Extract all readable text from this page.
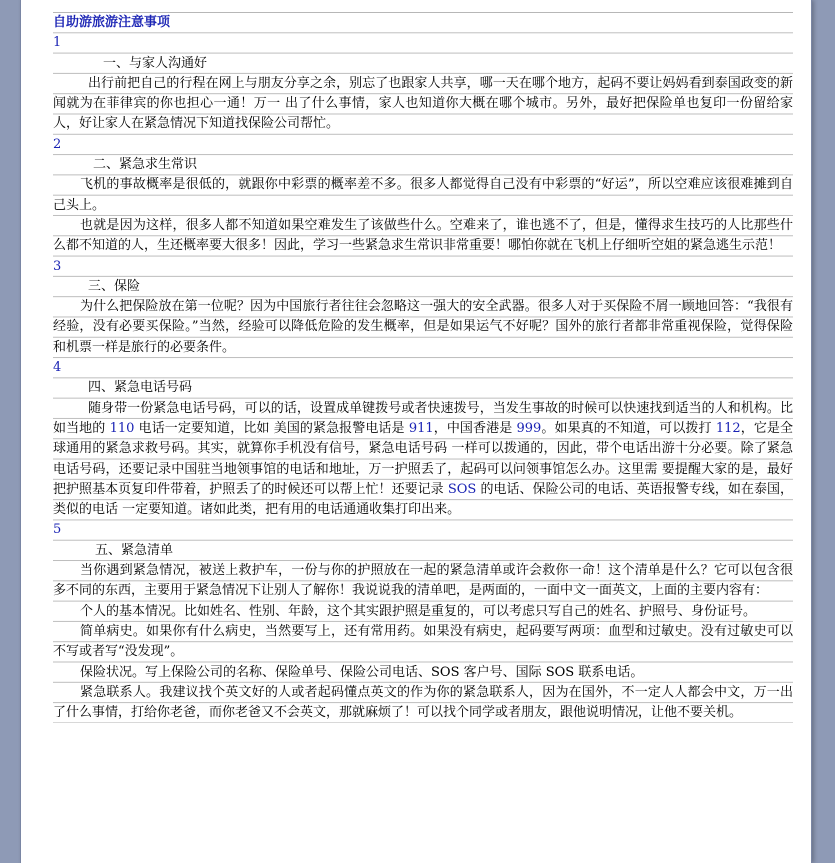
自助游旅游注意事项

1

一、与家人沟通好

出行前把自己的行程在网上与朋友分享之余，别忘了也跟家人共享，哪一天在哪个地方，起码不要让妈妈看到泰国政变的新闻就为在菲律宾的你也担心一通！万一 出了什么事情，家人也知道你大概在哪个城市。另外，最好把保险单也复印一份留给家人，好让家人在紧急情况下知道找保险公司帮忙。

2

二、紧急求生常识

飞机的事故概率是很低的，就跟你中彩票的概率差不多。很多人都觉得自己没有中彩票的“好运”，所以空难应该很难摊到自己头上。

也就是因为这样，很多人都不知道如果空难发生了该做些什么。空难来了，谁也逃不了，但是，懂得求生技巧的人比那些什么都不知道的人，生还概率要大很多！因此，学习一些紧急求生常识非常重要！哪怕你就在飞机上仔细听空姐的紧急逃生示范！

3

三、保险

为什么把保险放在第一位呢？因为中国旅行者往往会忽略这一强大的安全武器。很多人对于买保险不屑一顾地回答：“我很有经验，没有必要买保险。”当然，经验可以降低危险的发生概率，但是如果运气不好呢？国外的旅行者都非常重视保险，觉得保险和机票一样是旅行的必要条件。

4

四、紧急电话号码

随身带一份紧急电话号码，可以的话，设置成单键拨号或者快速拨号，当发生事故的时候可以快速找到适当的人和机构。比如当地的 110 电话一定要知道，比如 美国的紧急报警电话是 911，中国香港是 999。如果真的不知道，可以拨打 112，它是全球通用的紧急求救号码。其实，就算你手机没有信号，紧急电话号码 一样可以拨通的，因此，带个电话出游十分必要。除了紧急电话号码，还要记录中国驻当地领事馆的电话和地址，万一护照丢了，起码可以问领事馆怎么办。这里需 要提醒大家的是，最好把护照基本页复印件带着，护照丢了的时候还可以帮上忙！还要记录 SOS 的电话、保险公司的电话、英语报警专线，如在泰国，类似的电话 一定要知道。诸如此类，把有用的电话通通收集打印出来。

5

五、紧急清单

当你遇到紧急情况，被送上救护车，一份与你的护照放在一起的紧急清单或许会救你一命！这个清单是什么？它可以包含很多不同的东西，主要用于紧急情况下让别人了解你！我说说我的清单吧，是两面的，一面中文一面英文，上面的主要内容有：

个人的基本情况。比如姓名、性别、年龄，这个其实跟护照是重复的，可以考虑只写自己的姓名、护照号、身份证号。

简单病史。如果你有什么病史，当然要写上，还有常用药。如果没有病史，起码要写两项：血型和过敏史。没有过敏史可以不写或者写“没发现”。

保险状况。写上保险公司的名称、保险单号、保险公司电话、SOS 客户号、国际 SOS 联系电话。

紧急联系人。我建议找个英文好的人或者起码懂点英文的作为你的紧急联系人，因为在国外，不一定人人都会中文，万一出了什么事情，打给你老爸，而你老爸又不会英文，那就麻烦了！可以找个同学或者朋友，跟他说明情况，让他不要关机。
